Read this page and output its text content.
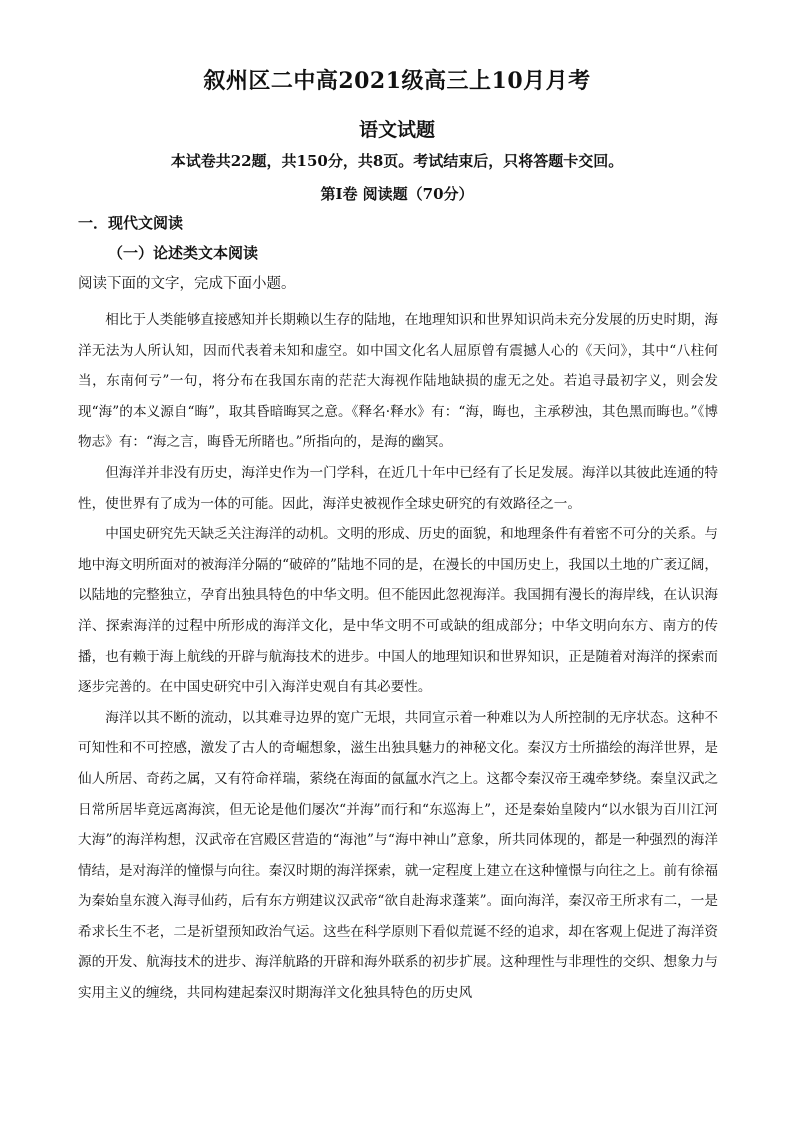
叙州区二中高2021级高三上10月月考
语文试题
本试卷共22题，共150分，共8页。考试结束后，只将答题卡交回。
第I卷 阅读题（70分）
一．现代文阅读
（一）论述类文本阅读
阅读下面的文字，完成下面小题。

相比于人类能够直接感知并长期赖以生存的陆地，在地理知识和世界知识尚未充分发展的历史时期，海洋无法为人所认知，因而代表着未知和虚空。如中国文化名人屈原曾有震撼人心的《天问》，其中“八柱何当，东南何亏”一句，将分布在我国东南的茫茫大海视作陆地缺损的虚无之处。若追寻最初字义，则会发现“海”的本义源自“晦”，取其昏暗晦冥之意。《释名·释水》有：“海，晦也，主承秽浊，其色黑而晦也。”《博物志》有：“海之言，晦昏无所睹也。”所指向的，是海的幽冥。

但海洋并非没有历史，海洋史作为一门学科，在近几十年中已经有了长足发展。海洋以其彼此连通的特性，使世界有了成为一体的可能。因此，海洋史被视作全球史研究的有效路径之一。

中国史研究先天缺乏关注海洋的动机。文明的形成、历史的面貌，和地理条件有着密不可分的关系。与地中海文明所面对的被海洋分隔的“破碎的”陆地不同的是，在漫长的中国历史上，我国以土地的广袤辽阔，以陆地的完整独立，孕育出独具特色的中华文明。但不能因此忽视海洋。我国拥有漫长的海岸线，在认识海洋、探索海洋的过程中所形成的海洋文化，是中华文明不可或缺的组成部分；中华文明向东方、南方的传播，也有赖于海上航线的开辟与航海技术的进步。中国人的地理知识和世界知识，正是随着对海洋的探索而逐步完善的。在中国史研究中引入海洋史观自有其必要性。

海洋以其不断的流动，以其难寻边界的宽广无垠，共同宣示着一种难以为人所控制的无序状态。这种不可知性和不可控感，激发了古人的奇崛想象，滋生出独具魅力的神秘文化。秦汉方士所描绘的海洋世界，是仙人所居、奇药之属，又有符命祥瑞，萦绕在海面的氤氲水汽之上。这都令秦汉帝王魂牵梦绕。秦皇汉武之日常所居毕竟远离海滨，但无论是他们屡次“并海”而行和“东巡海上”，还是秦始皇陵内“以水银为百川江河大海”的海洋构想，汉武帝在宫殿区营造的“海池”与“海中神山”意象，所共同体现的，都是一种强烈的海洋情结，是对海洋的憧憬与向往。秦汉时期的海洋探索，就一定程度上建立在这种憧憬与向往之上。前有徐福为秦始皇东渡入海寻仙药，后有东方朔建议汉武帝“欲自赴海求蓬莱”。面向海洋，秦汉帝王所求有二，一是希求长生不老，二是祈望预知政治气运。这些在科学原则下看似荒诞不经的追求，却在客观上促进了海洋资源的开发、航海技术的进步、海洋航路的开辟和海外联系的初步扩展。这种理性与非理性的交织、想象力与实用主义的缠绕，共同构建起秦汉时期海洋文化独具特色的历史风
